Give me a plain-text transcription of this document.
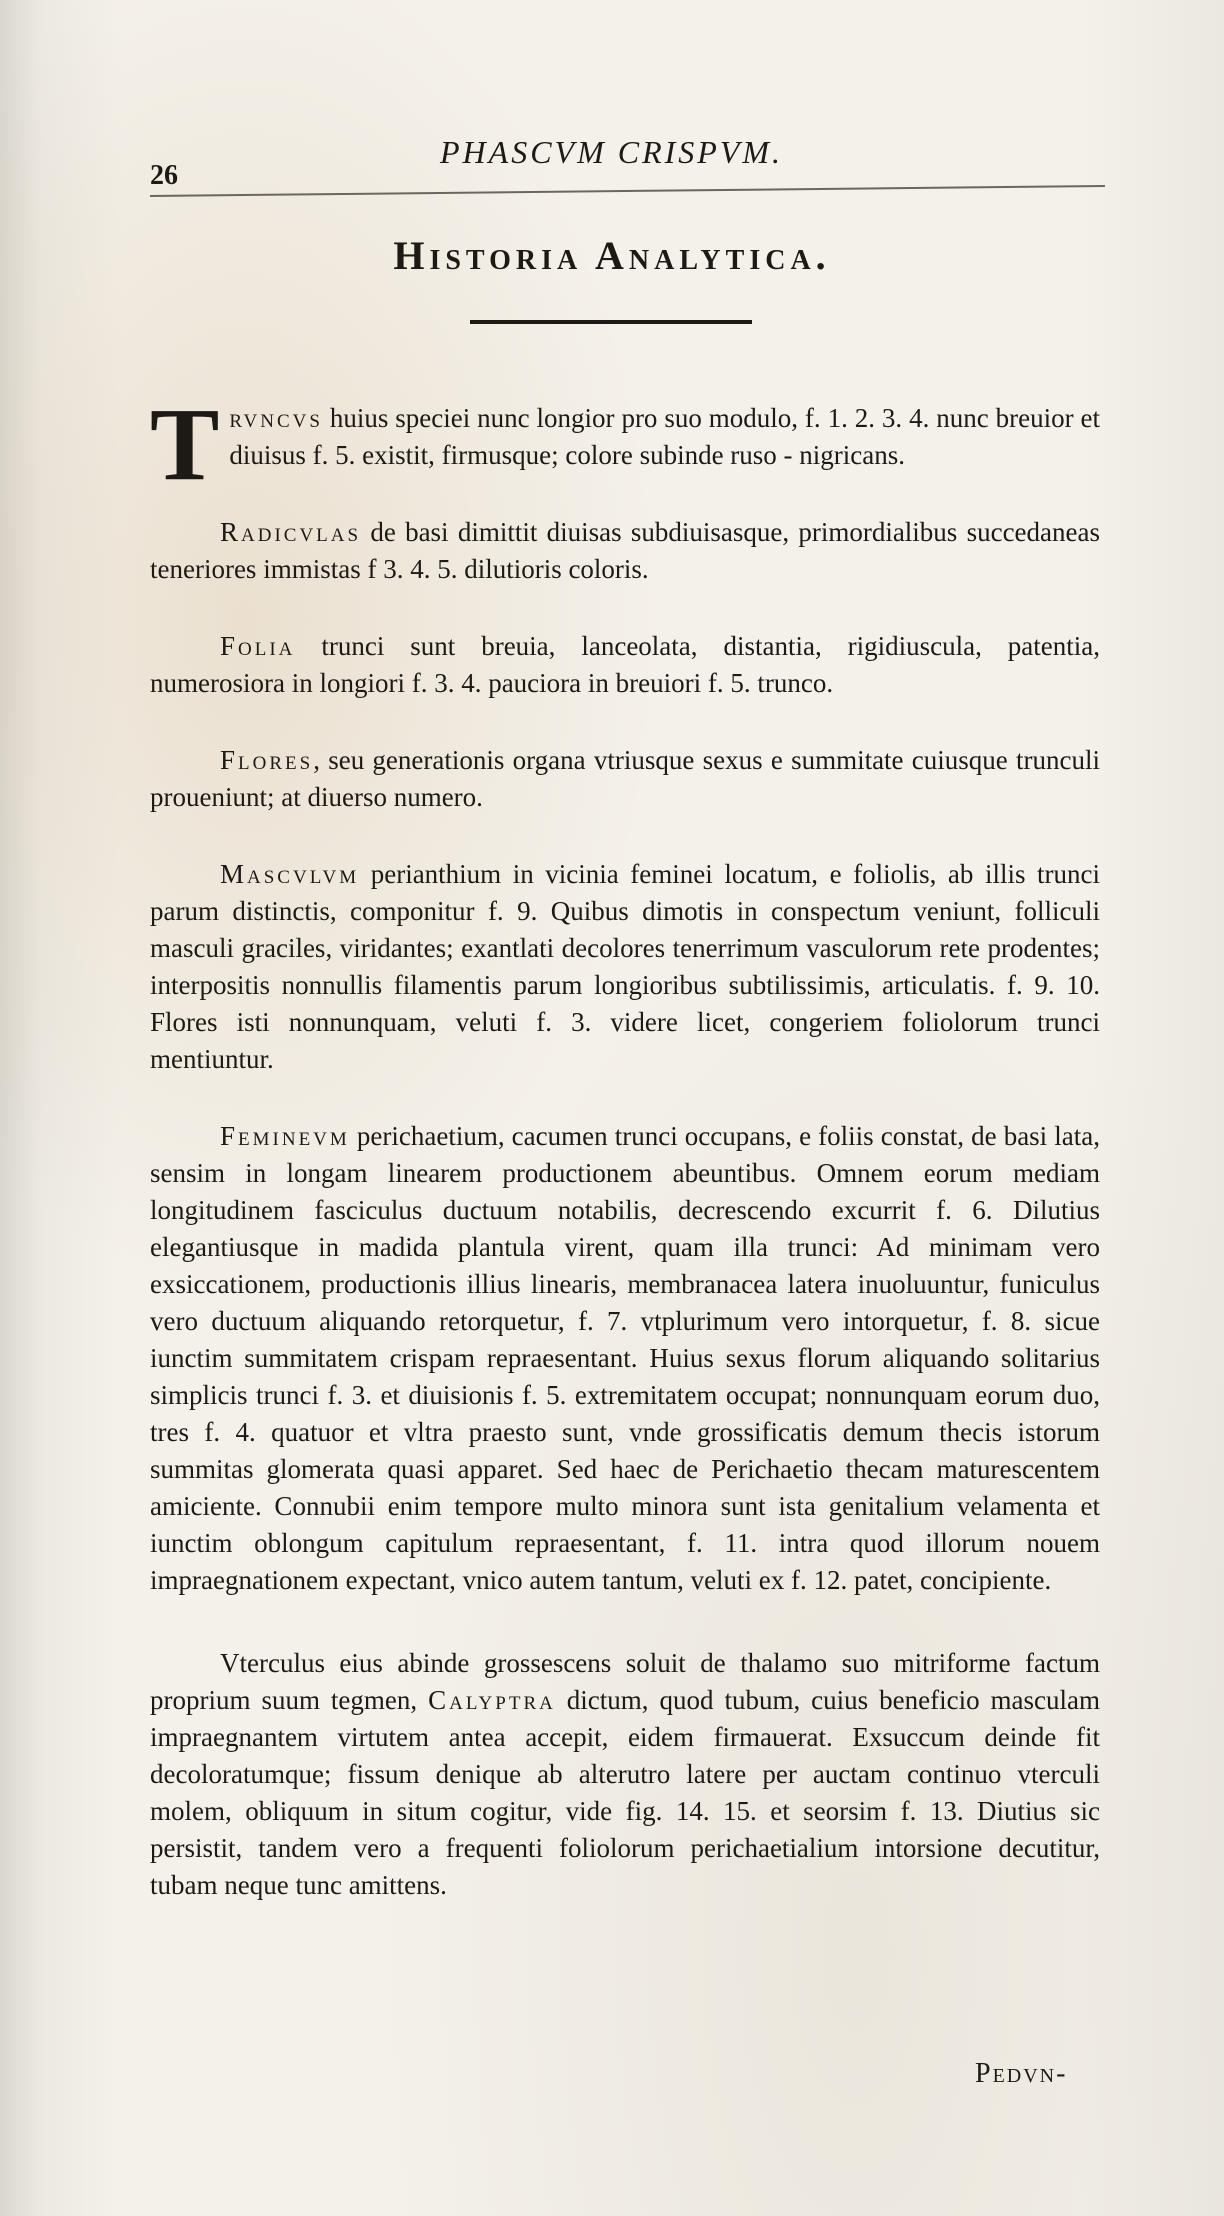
26
PHASCVM CRISPVM.
Historia Analytica.

Trvncvs huius speciei nunc longior pro suo modulo, f. 1. 2. 3. 4. nunc breuior et diuisus f. 5. existit, firmusque; colore subinde ruso - nigricans.

Radicvlas de basi dimittit diuisas subdiuisasque, primordialibus succedaneas teneriores immistas f 3. 4. 5. dilutioris coloris.

Folia trunci sunt breuia, lanceolata, distantia, rigidiuscula, patentia, numerosiora in longiori f. 3. 4. pauciora in breuiori f. 5. trunco.

Flores, seu generationis organa vtriusque sexus e summitate cuiusque trunculi proueniunt; at diuerso numero.

Mascvlvm perianthium in vicinia feminei locatum, e foliolis, ab illis trunci parum distinctis, componitur f. 9. Quibus dimotis in conspectum veniunt, folliculi masculi graciles, viridantes; exantlati decolores tenerrimum vasculorum rete prodentes; interpositis nonnullis filamentis parum longioribus subtilissimis, articulatis. f. 9. 10. Flores isti nonnunquam, veluti f. 3. videre licet, congeriem foliolorum trunci mentiuntur.

Feminevm perichaetium, cacumen trunci occupans, e foliis constat, de basi lata, sensim in longam linearem productionem abeuntibus. Omnem eorum mediam longitudinem fasciculus ductuum notabilis, decrescendo excurrit f. 6. Dilutius elegantiusque in madida plantula virent, quam illa trunci: Ad minimam vero exsiccationem, productionis illius linearis, membranacea latera inuoluuntur, funiculus vero ductuum aliquando retorquetur, f. 7. vtplurimum vero intorquetur, f. 8. sicue iunctim summitatem crispam repraesentant. Huius sexus florum aliquando solitarius simplicis trunci f. 3. et diuisionis f. 5. extremitatem occupat; nonnunquam eorum duo, tres f. 4. quatuor et vltra praesto sunt, vnde grossificatis demum thecis istorum summitas glomerata quasi apparet. Sed haec de Perichaetio thecam maturescentem amiciente. Connubii enim tempore multo minora sunt ista genitalium velamenta et iunctim oblongum capitulum repraesentant, f. 11. intra quod illorum nouem impraegnationem expectant, vnico autem tantum, veluti ex f. 12. patet, concipiente.

Vterculus eius abinde grossescens soluit de thalamo suo mitriforme factum proprium suum tegmen, Calyptra dictum, quod tubum, cuius beneficio masculam impraegnantem virtutem antea accepit, eidem firmauerat. Exsuccum deinde fit decoloratumque; fissum denique ab alterutro latere per auctam continuo vterculi molem, obliquum in situm cogitur, vide fig. 14. 15. et seorsim f. 13. Diutius sic persistit, tandem vero a frequenti foliolorum perichaetialium intorsione decutitur, tubam neque tunc amittens.

Pedvn-
